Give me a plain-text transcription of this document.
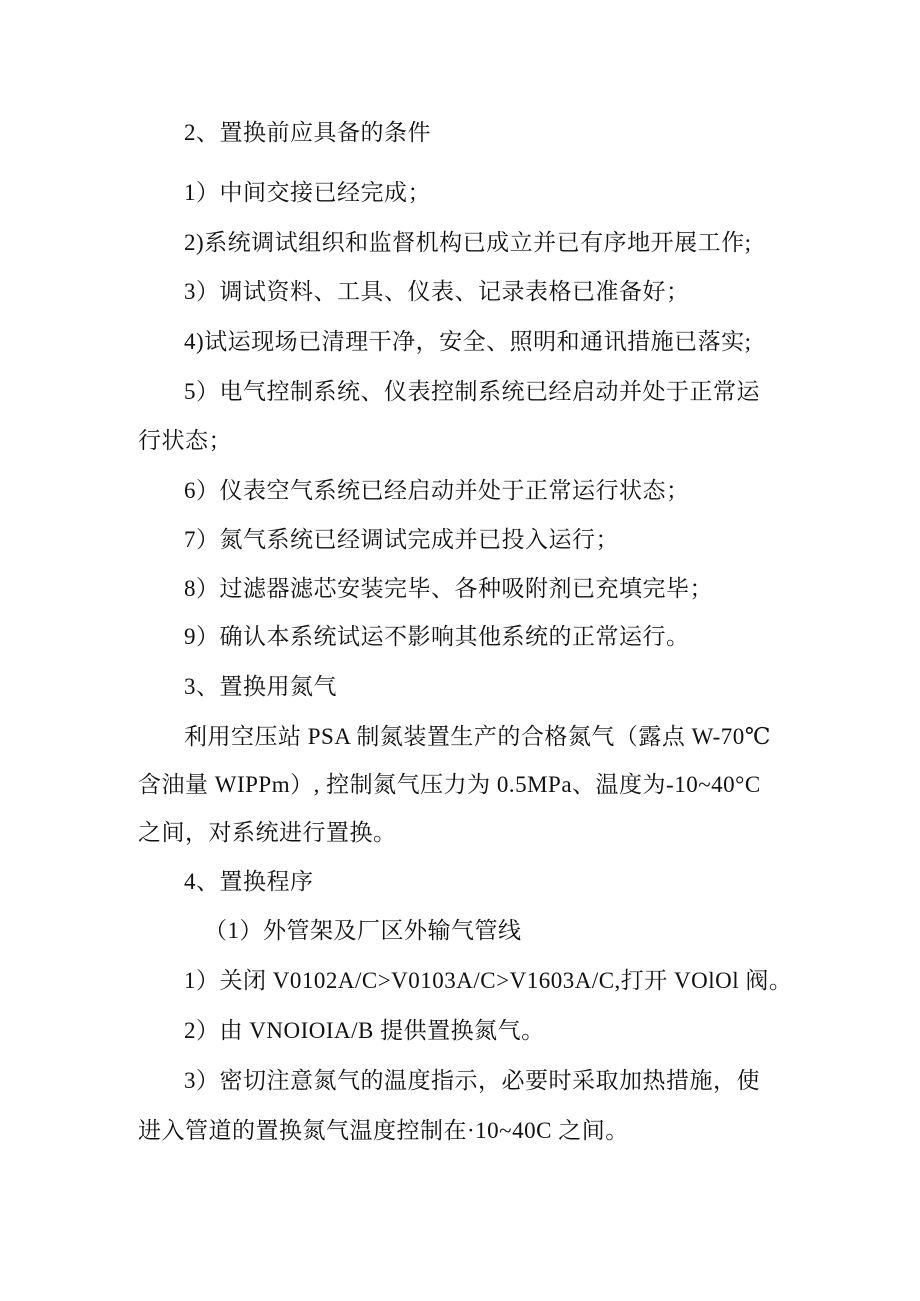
2、置换前应具备的条件
1）中间交接已经完成；
2)系统调试组织和监督机构已成立并已有序地开展工作;
3）调试资料、工具、仪表、记录表格已准备好；
4)试运现场已清理干净，安全、照明和通讯措施已落实;
5）电气控制系统、仪表控制系统已经启动并处于正常运
行状态；
6）仪表空气系统已经启动并处于正常运行状态；
7）氮气系统已经调试完成并已投入运行；
8）过滤器滤芯安装完毕、各种吸附剂已充填完毕；
9）确认本系统试运不影响其他系统的正常运行。
3、置换用氮气
利用空压站 PSA 制氮装置生产的合格氮气（露点 W-70℃
含油量 WIPPm）, 控制氮气压力为 0.5MPa、温度为-10~40°C
之间，对系统进行置换。
4、置换程序
（1）外管架及厂区外输气管线
1）关闭 V0102A/C>V0103A/C>V1603A/C,打开 VOlOl 阀。
2）由 VNOIOIA/B 提供置换氮气。
3）密切注意氮气的温度指示，必要时采取加热措施，使
进入管道的置换氮气温度控制在·10~40C 之间。
